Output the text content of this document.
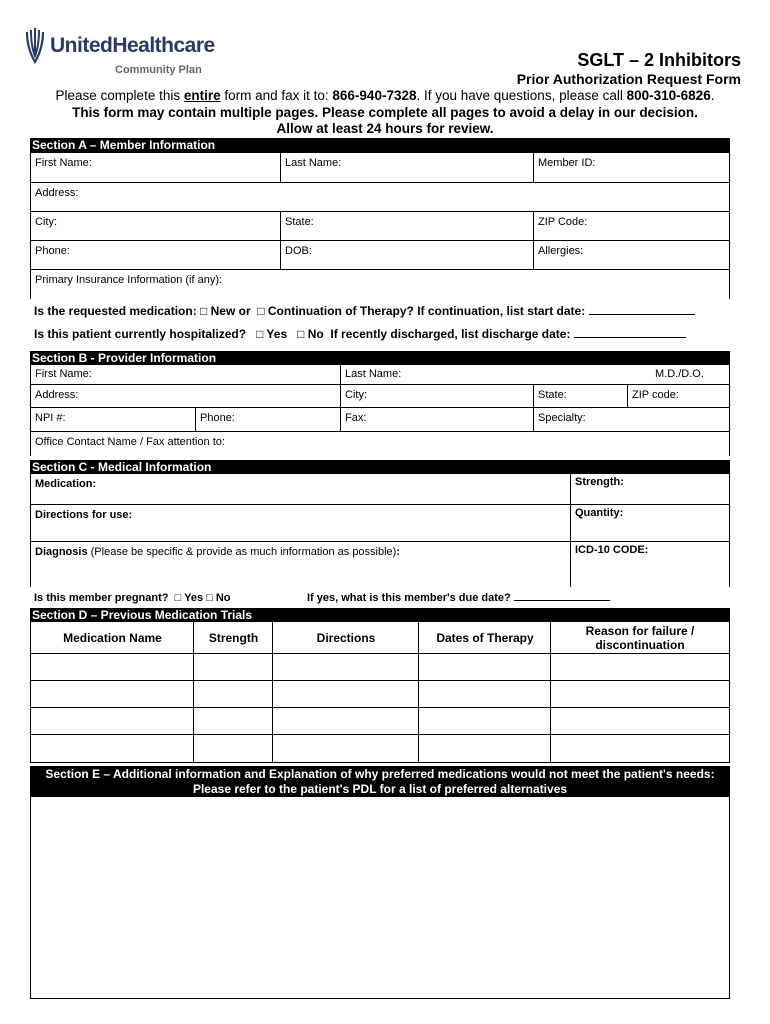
UnitedHealthcare
Community Plan	SGLT – 2 Inhibitors
Prior Authorization Request Form
Please complete this entire form and fax it to: 866-940-7328. If you have questions, please call 800-310-6826.
This form may contain multiple pages. Please complete all pages to avoid a delay in our decision.
Allow at least 24 hours for review.
Section A – Member Information
First Name:	Last Name:	Member ID:
Address:
City:	State:	ZIP Code:
Phone:	DOB:	Allergies:
Primary Insurance Information (if any):
Is the requested medication: □ New or □ Continuation of Therapy? If continuation, list start date:
Is this patient currently hospitalized? □ Yes □ No If recently discharged, list discharge date:
Section B - Provider Information
First Name:	Last Name:	M.D./D.O.
Address:	City:	State:	ZIP code:
NPI #:	Phone:	Fax:	Specialty:
Office Contact Name / Fax attention to:
Section C - Medical Information
Medication:	Strength:
Directions for use:	Quantity:
Diagnosis (Please be specific & provide as much information as possible):	ICD-10 CODE:
Is this member pregnant? □ Yes □ No	If yes, what is this member's due date?
Section D – Previous Medication Trials
Medication Name	Strength	Directions	Dates of Therapy	Reason for failure / discontinuation
Section E – Additional information and Explanation of why preferred medications would not meet the patient's needs:
Please refer to the patient's PDL for a list of preferred alternatives
